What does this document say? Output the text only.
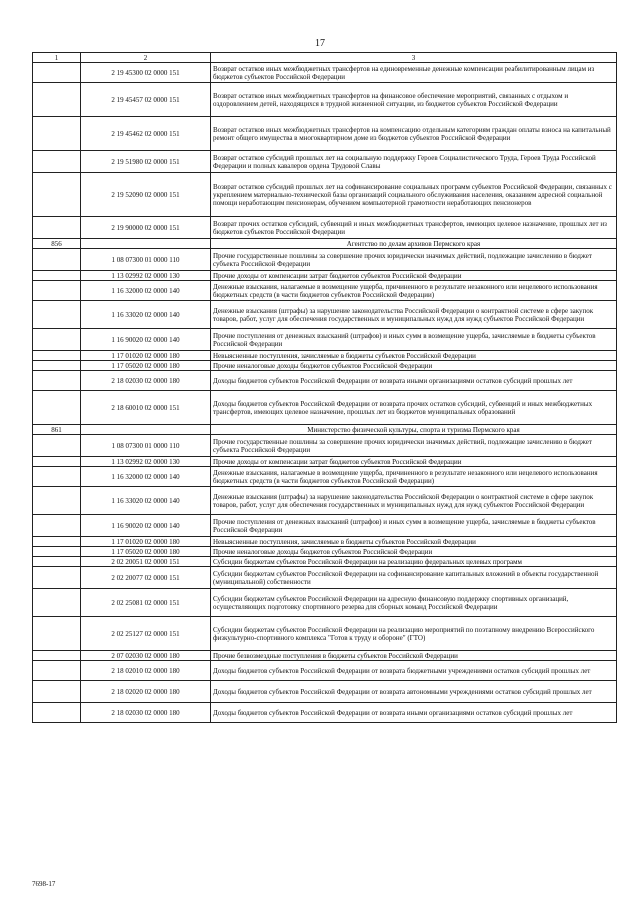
17
1	2	3
	2 19 45300 02 0000 151	Возврат остатков иных межбюджетных трансфертов на единовременные денежные компенсации реабилитированным лицам из бюджетов субъектов Российской Федерации
	2 19 45457 02 0000 151	Возврат остатков иных межбюджетных трансфертов на финансовое обеспечение мероприятий, связанных с отдыхом и оздоровлением детей, находящихся в трудной жизненной ситуации, из бюджетов субъектов Российской Федерации
	2 19 45462 02 0000 151	Возврат остатков иных межбюджетных трансфертов на компенсацию отдельным категориям граждан оплаты взноса на капитальный ремонт общего имущества в многоквартирном доме из бюджетов субъектов Российской Федерации
	2 19 51980 02 0000 151	Возврат остатков субсидий прошлых лет на социальную поддержку Героев Социалистического Труда, Героев Труда Российской Федерации и полных кавалеров ордена Трудовой Славы
	2 19 52090 02 0000 151	Возврат остатков субсидий прошлых лет на софинансирование социальных программ субъектов Российской Федерации, связанных с укреплением материально-технической базы организаций социального обслуживания населения, оказанием адресной социальной помощи неработающим пенсионерам, обучением компьютерной грамотности неработающих пенсионеров
	2 19 90000 02 0000 151	Возврат прочих остатков субсидий, субвенций и иных межбюджетных трансфертов, имеющих целевое назначение, прошлых лет из бюджетов субъектов Российской Федерации
856		Агентство по делам архивов Пермского края
	1 08 07300 01 0000 110	Прочие государственные пошлины за совершение прочих юридически значимых действий, подлежащие зачислению в бюджет субъекта Российской Федерации
	1 13 02992 02 0000 130	Прочие доходы от компенсации затрат бюджетов субъектов Российской Федерации
	1 16 32000 02 0000 140	Денежные взыскания, налагаемые в возмещение ущерба, причиненного в результате незаконного или нецелевого использования бюджетных средств (в части бюджетов субъектов Российской Федерации)
	1 16 33020 02 0000 140	Денежные взыскания (штрафы) за нарушение законодательства Российской Федерации о контрактной системе в сфере закупок товаров, работ, услуг для обеспечения государственных и муниципальных нужд для нужд субъектов Российской Федерации
	1 16 90020 02 0000 140	Прочие поступления от денежных взысканий (штрафов) и иных сумм в возмещение ущерба, зачисляемые в бюджеты субъектов Российской Федерации
	1 17 01020 02 0000 180	Невыясненные поступления, зачисляемые в бюджеты субъектов Российской Федерации
	1 17 05020 02 0000 180	Прочие неналоговые доходы бюджетов субъектов Российской Федерации
	2 18 02030 02 0000 180	Доходы бюджетов субъектов Российской Федерации от возврата иными организациями остатков субсидий прошлых лет
	2 18 60010 02 0000 151	Доходы бюджетов субъектов Российской Федерации от возврата прочих остатков субсидий, субвенций и иных межбюджетных трансфертов, имеющих целевое назначение, прошлых лет из бюджетов муниципальных образований
861		Министерство физической культуры, спорта и туризма Пермского края
	1 08 07300 01 0000 110	Прочие государственные пошлины за совершение прочих юридически значимых действий, подлежащие зачислению в бюджет субъекта Российской Федерации
	1 13 02992 02 0000 130	Прочие доходы от компенсации затрат бюджетов субъектов Российской Федерации
	1 16 32000 02 0000 140	Денежные взыскания, налагаемые в возмещение ущерба, причиненного в результате незаконного или нецелевого использования бюджетных средств (в части бюджетов субъектов Российской Федерации)
	1 16 33020 02 0000 140	Денежные взыскания (штрафы) за нарушение законодательства Российской Федерации о контрактной системе в сфере закупок товаров, работ, услуг для обеспечения государственных и муниципальных нужд для нужд субъектов Российской Федерации
	1 16 90020 02 0000 140	Прочие поступления от денежных взысканий (штрафов) и иных сумм в возмещение ущерба, зачисляемые в бюджеты субъектов Российской Федерации
	1 17 01020 02 0000 180	Невыясненные поступления, зачисляемые в бюджеты субъектов Российской Федерации
	1 17 05020 02 0000 180	Прочие неналоговые доходы бюджетов субъектов Российской Федерации
	2 02 20051 02 0000 151	Субсидии бюджетам субъектов Российской Федерации на реализацию федеральных целевых программ
	2 02 20077 02 0000 151	Субсидии бюджетам субъектов Российской Федерации на софинансирование капитальных вложений в объекты государственной (муниципальной) собственности
	2 02 25081 02 0000 151	Субсидии бюджетам субъектов Российской Федерации на адресную финансовую поддержку спортивных организаций, осуществляющих подготовку спортивного резерва для сборных команд Российской Федерации
	2 02 25127 02 0000 151	Субсидии бюджетам субъектов Российской Федерации на реализацию мероприятий по поэтапному внедрению Всероссийского физкультурно-спортивного комплекса "Готов к труду и обороне" (ГТО)
	2 07 02030 02 0000 180	Прочие безвозмездные поступления в бюджеты субъектов Российской Федерации
	2 18 02010 02 0000 180	Доходы бюджетов субъектов Российской Федерации от возврата бюджетными учреждениями остатков субсидий прошлых лет
	2 18 02020 02 0000 180	Доходы бюджетов субъектов Российской Федерации от возврата автономными учреждениями остатков субсидий прошлых лет
	2 18 02030 02 0000 180	Доходы бюджетов субъектов Российской Федерации от возврата иными организациями остатков субсидий прошлых лет
7698-17
